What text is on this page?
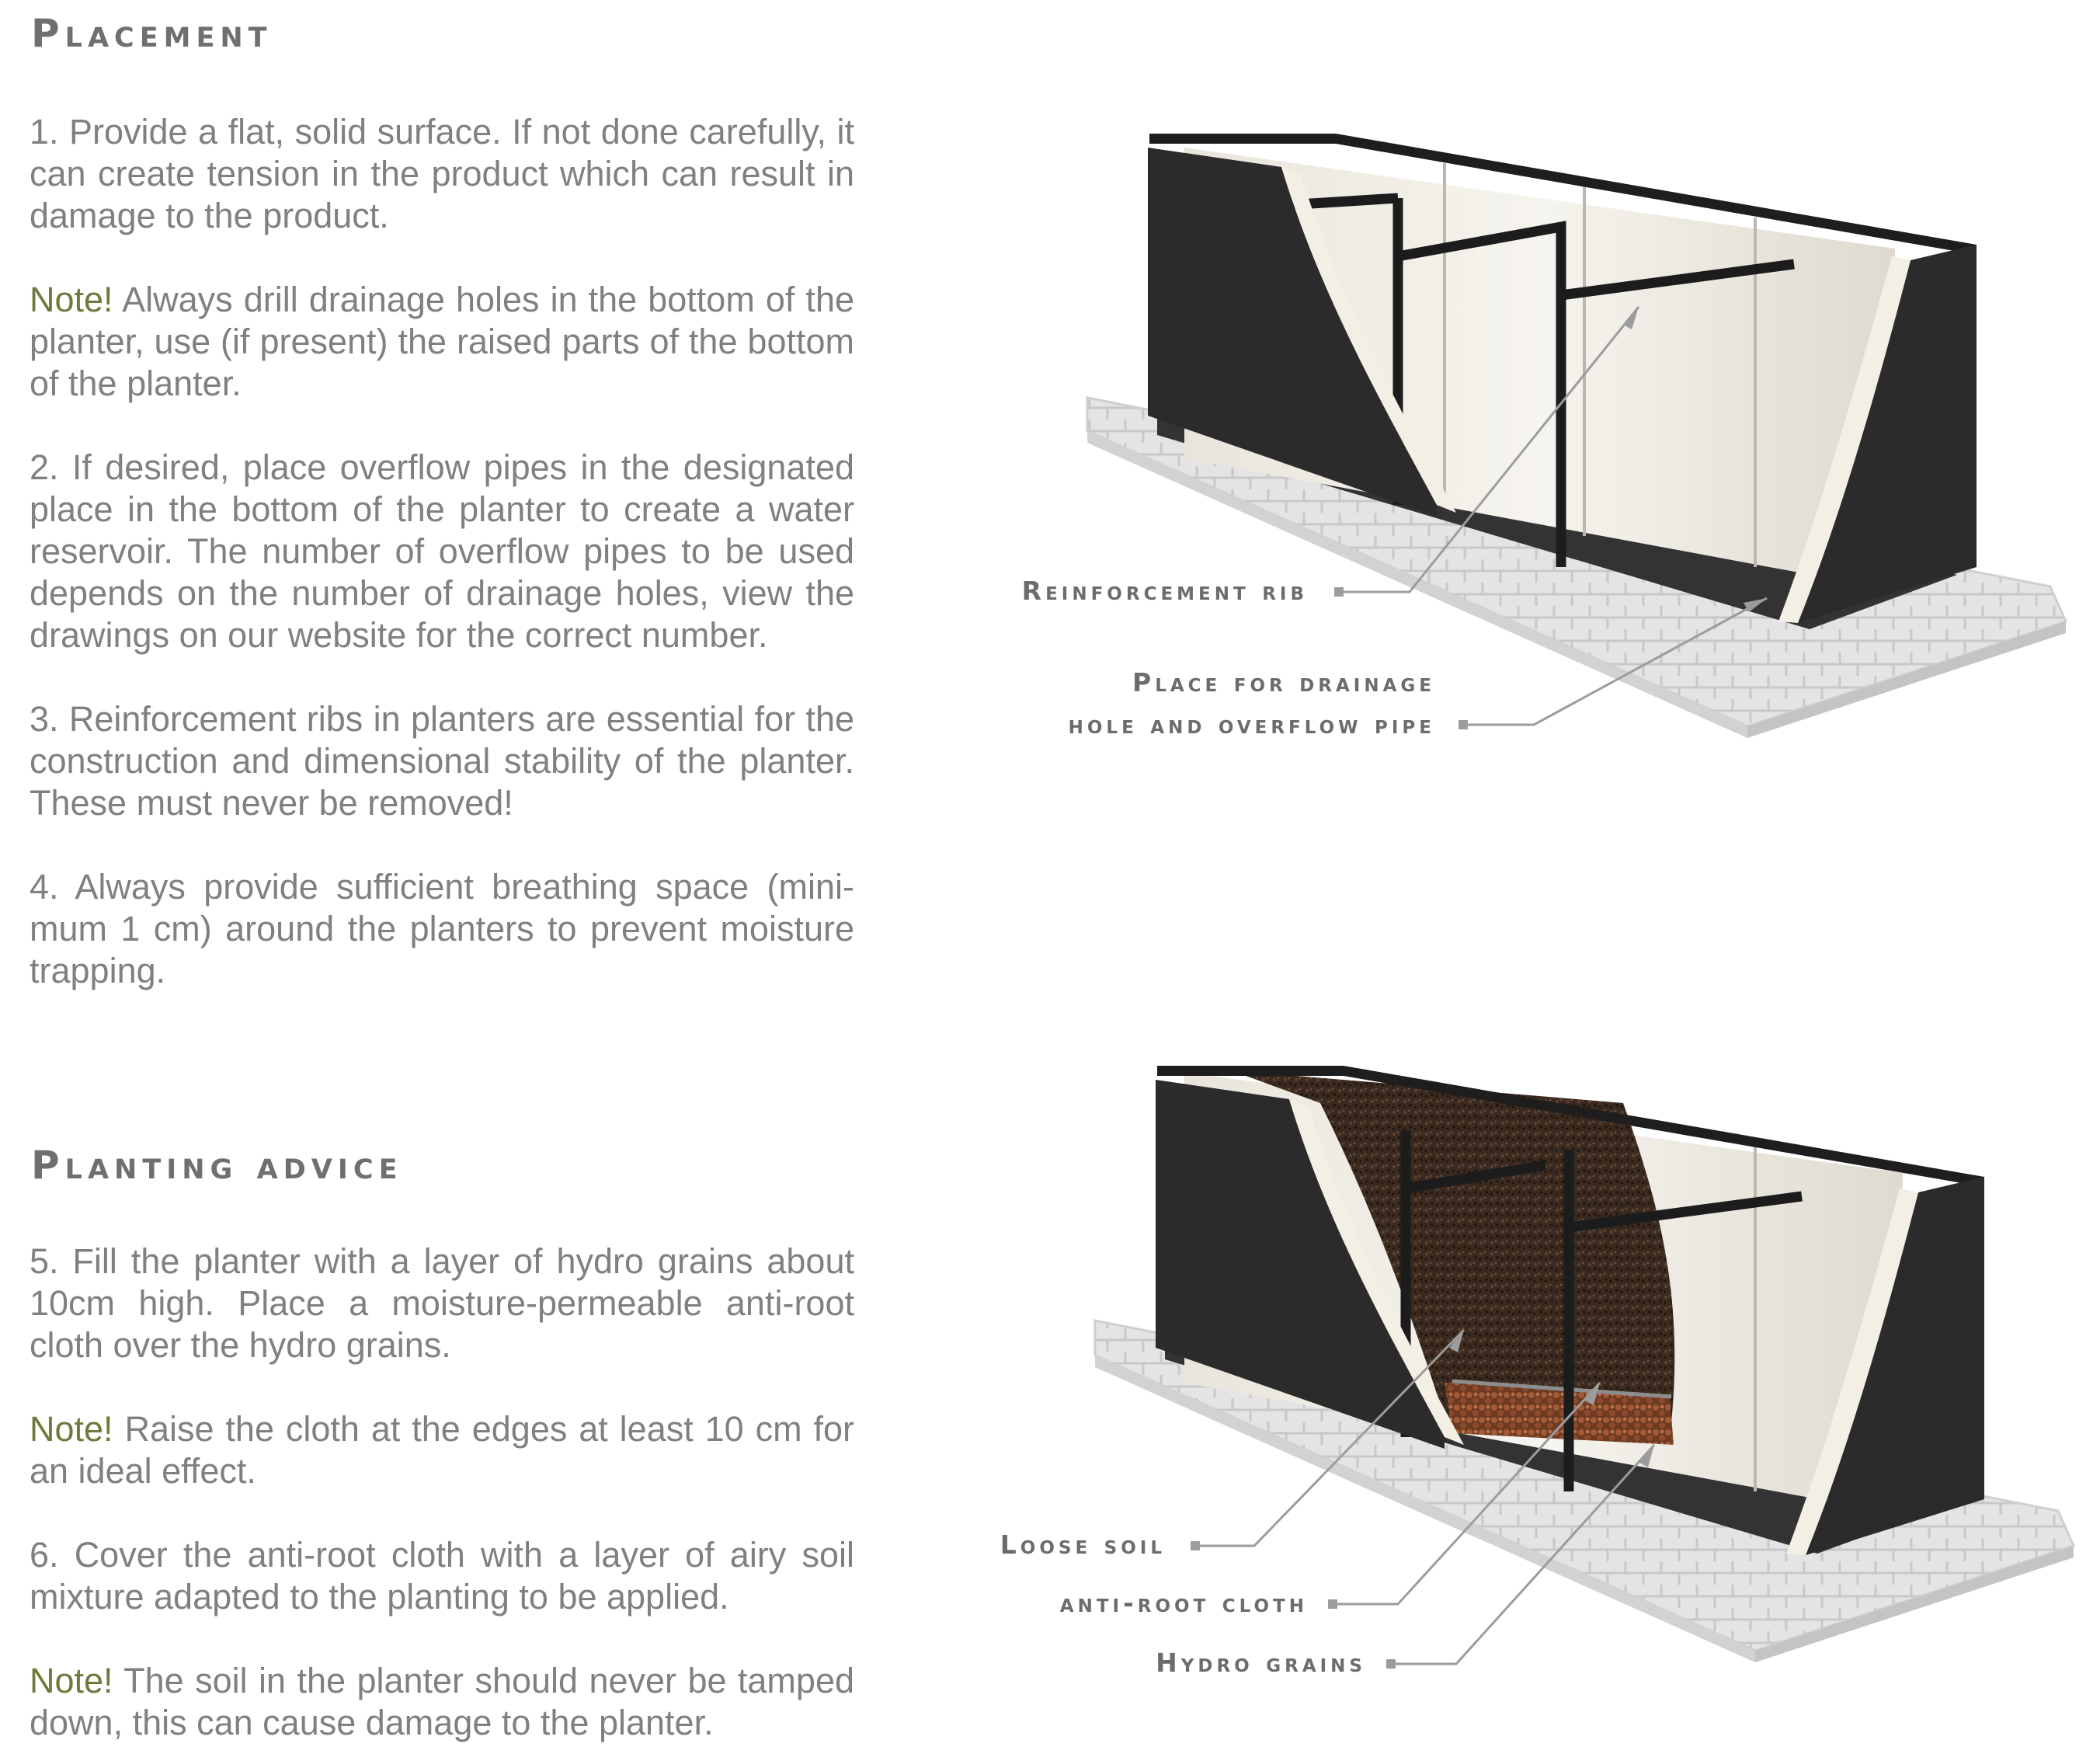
Placement

1. Provide a flat, solid surface. If not done carefully, it can create tension in the product which can result in damage to the product.

Note! Always drill drainage holes in the bottom of the planter, use (if present) the raised parts of the bottom of the planter.

2. If desired, place overflow pipes in the designated place in the bottom of the planter to create a water reservoir. The number of overflow pipes to be used depends on the number of drainage holes, view the drawings on our website for the correct number.

3. Reinforcement ribs in planters are essential for the construction and dimensional stability of the planter. These must never be removed!

4. Always provide sufficient breathing space (mini-mum 1 cm) around the planters to prevent moisture trapping.

Planting advice

5. Fill the planter with a layer of hydro grains about 10cm high. Place a moisture-permeable anti-root cloth over the hydro grains.

Note! Raise the cloth at the edges at least 10 cm for an ideal effect.

6. Cover the anti-root cloth with a layer of airy soil mixture adapted to the planting to be applied.

Note! The soil in the planter should never be tamped down, this can cause damage to the planter.

Reinforcement rib
Place for drainage
hole and overflow pipe
Loose soil
anti-root cloth
Hydro grains
